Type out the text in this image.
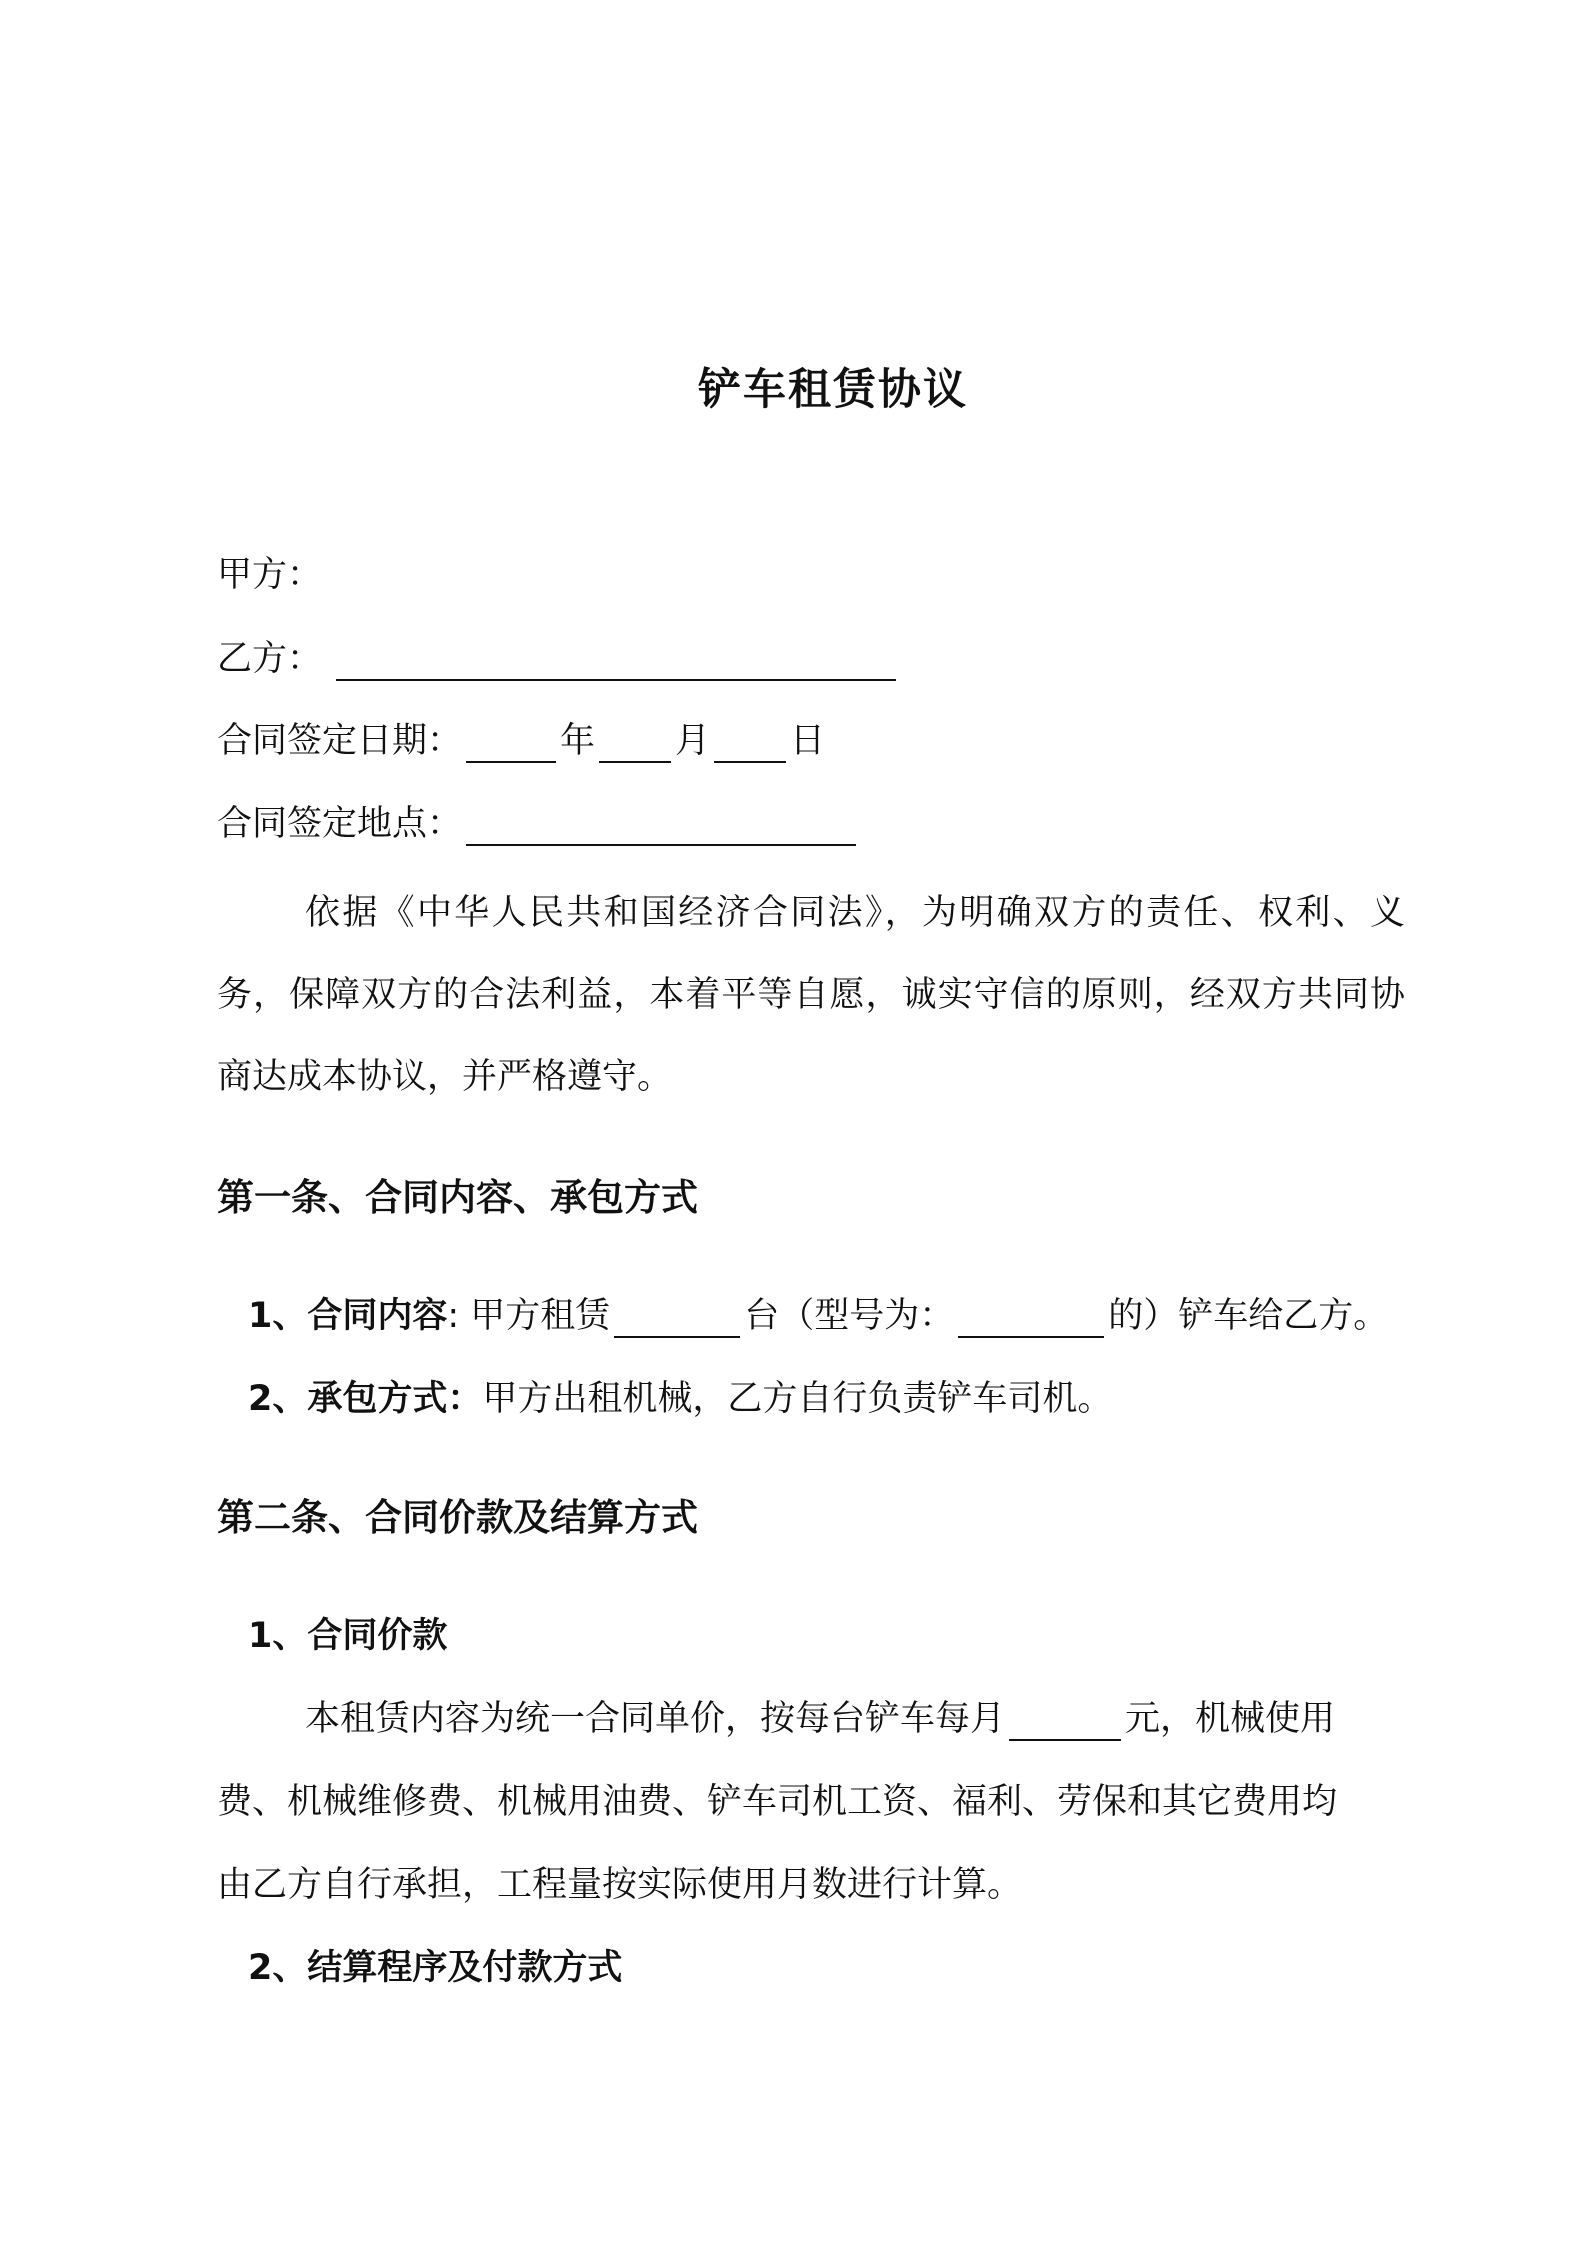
铲车租赁协议
甲方：
乙方：
合同签定日期：	年 月 日
合同签定地点：
依据《中华人民共和国经济合同法》，为明确双方的责任、权利、义务，保障双方的合法利益，本着平等自愿，诚实守信的原则，经双方共同协商达成本协议，并严格遵守。
第一条、合同内容、承包方式
1、合同内容: 甲方租赁	台（型号为：	的）铲车给乙方。
2、承包方式：甲方出租机械，乙方自行负责铲车司机。
第二条、合同价款及结算方式
1、合同价款
本租赁内容为统一合同单价，按每台铲车每月	元，机械使用
费、机械维修费、机械用油费、铲车司机工资、福利、劳保和其它费用均
由乙方自行承担，工程量按实际使用月数进行计算。
2、结算程序及付款方式
